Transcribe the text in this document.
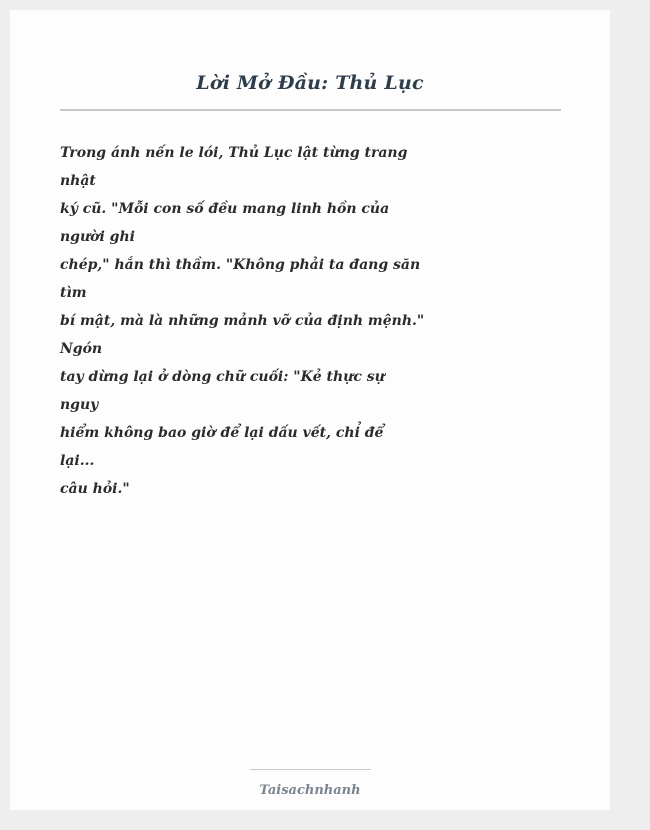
Lời Mở Đầu: Thủ Lục
Trong ánh nến le lói, Thủ Lục lật từng trang
nhật
ký cũ. "Mỗi con số đều mang linh hồn của
người ghi
chép," hắn thì thầm. "Không phải ta đang săn
tìm
bí mật, mà là những mảnh vỡ của định mệnh."
Ngón
tay dừng lại ở dòng chữ cuối: "Kẻ thực sự
nguy
hiểm không bao giờ để lại dấu vết, chỉ để
lại...
câu hỏi."
Taisachnhanh
